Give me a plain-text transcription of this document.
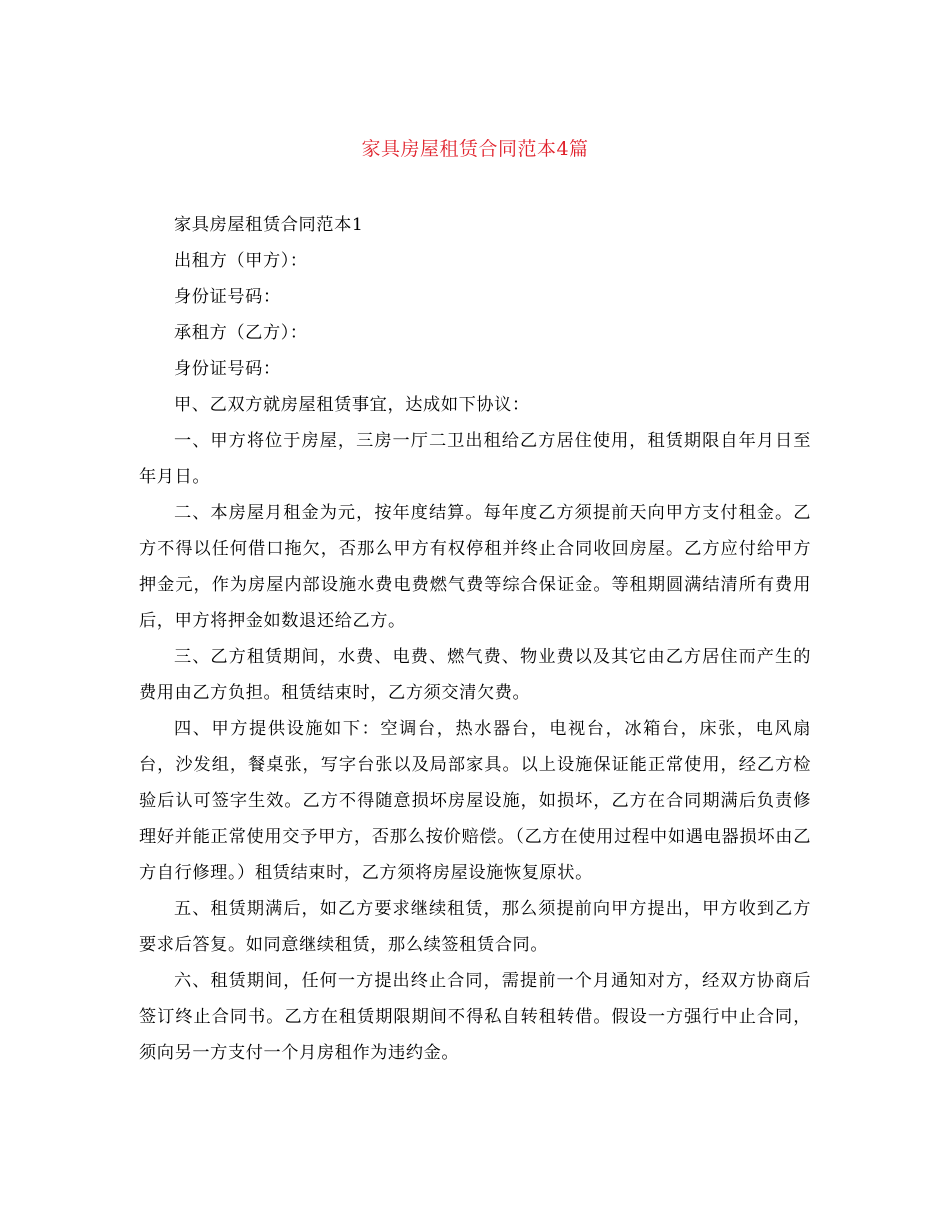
家具房屋租赁合同范本4篇

家具房屋租赁合同范本1

出租方（甲方）：

身份证号码：

承租方（乙方）：

身份证号码：

甲、乙双方就房屋租赁事宜，达成如下协议：

一、甲方将位于房屋，三房一厅二卫出租给乙方居住使用，租赁期限自年月日至年月日。

二、本房屋月租金为元，按年度结算。每年度乙方须提前天向甲方支付租金。乙方不得以任何借口拖欠，否那么甲方有权停租并终止合同收回房屋。乙方应付给甲方押金元，作为房屋内部设施水费电费燃气费等综合保证金。等租期圆满结清所有费用后，甲方将押金如数退还给乙方。

三、乙方租赁期间，水费、电费、燃气费、物业费以及其它由乙方居住而产生的费用由乙方负担。租赁结束时，乙方须交清欠费。

四、甲方提供设施如下：空调台，热水器台，电视台，冰箱台，床张，电风扇台，沙发组，餐桌张，写字台张以及局部家具。以上设施保证能正常使用，经乙方检验后认可签字生效。乙方不得随意损坏房屋设施，如损坏，乙方在合同期满后负责修理好并能正常使用交予甲方，否那么按价赔偿。（乙方在使用过程中如遇电器损坏由乙方自行修理。）租赁结束时，乙方须将房屋设施恢复原状。

五、租赁期满后，如乙方要求继续租赁，那么须提前向甲方提出，甲方收到乙方要求后答复。如同意继续租赁，那么续签租赁合同。

六、租赁期间，任何一方提出终止合同，需提前一个月通知对方，经双方协商后签订终止合同书。乙方在租赁期限期间不得私自转租转借。假设一方强行中止合同，须向另一方支付一个月房租作为违约金。
